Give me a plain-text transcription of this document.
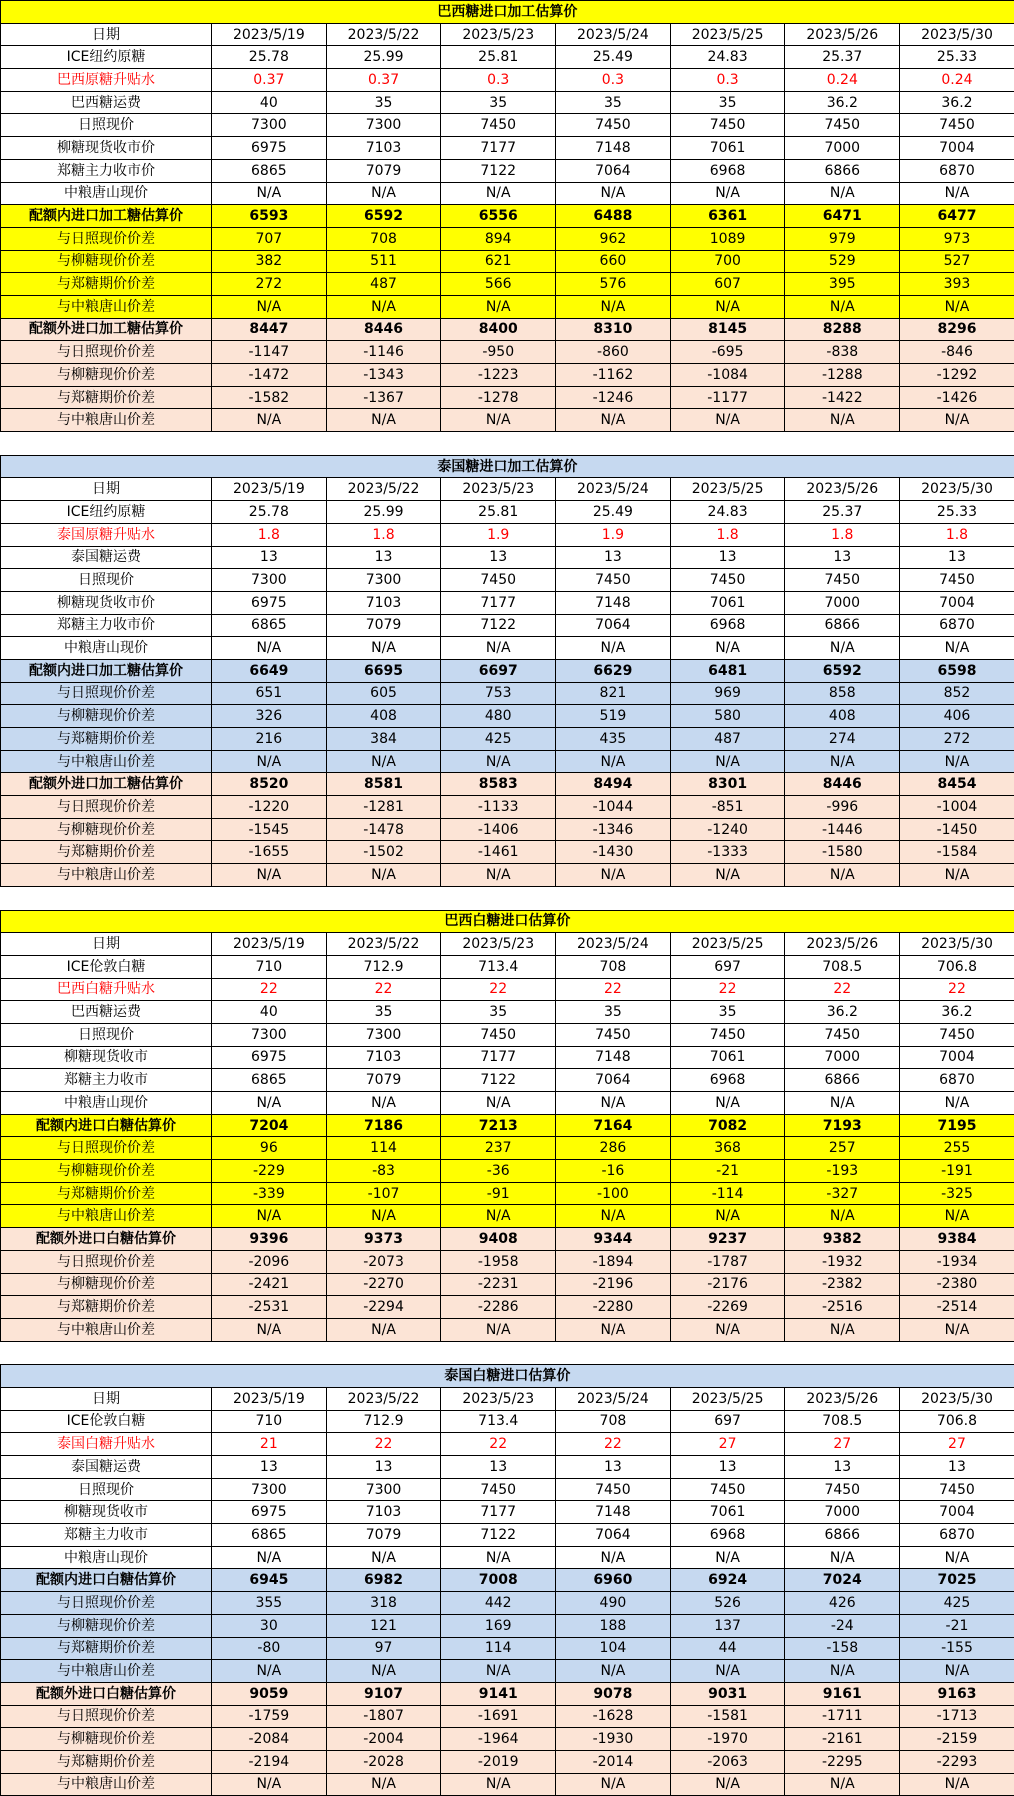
巴西糖进口加工估算价							
日期	2023/5/19	2023/5/22	2023/5/23	2023/5/24	2023/5/25	2023/5/26	2023/5/30
ICE纽约原糖	25.78	25.99	25.81	25.49	24.83	25.37	25.33
巴西原糖升贴水	0.37	0.37	0.3	0.3	0.3	0.24	0.24
巴西糖运费	40	35	35	35	35	36.2	36.2
日照现价	7300	7300	7450	7450	7450	7450	7450
柳糖现货收市价	6975	7103	7177	7148	7061	7000	7004
郑糖主力收市价	6865	7079	7122	7064	6968	6866	6870
中粮唐山现价	N/A	N/A	N/A	N/A	N/A	N/A	N/A
配额内进口加工糖估算价	6593	6592	6556	6488	6361	6471	6477
与日照现价价差	707	708	894	962	1089	979	973
与柳糖现价价差	382	511	621	660	700	529	527
与郑糖期价价差	272	487	566	576	607	395	393
与中粮唐山价差	N/A	N/A	N/A	N/A	N/A	N/A	N/A
配额外进口加工糖估算价	8447	8446	8400	8310	8145	8288	8296
与日照现价价差	-1147	-1146	-950	-860	-695	-838	-846
与柳糖现价价差	-1472	-1343	-1223	-1162	-1084	-1288	-1292
与郑糖期价价差	-1582	-1367	-1278	-1246	-1177	-1422	-1426
与中粮唐山价差	N/A	N/A	N/A	N/A	N/A	N/A	N/A
泰国糖进口加工估算价							
日期	2023/5/19	2023/5/22	2023/5/23	2023/5/24	2023/5/25	2023/5/26	2023/5/30
ICE纽约原糖	25.78	25.99	25.81	25.49	24.83	25.37	25.33
泰国原糖升贴水	1.8	1.8	1.9	1.9	1.8	1.8	1.8
泰国糖运费	13	13	13	13	13	13	13
日照现价	7300	7300	7450	7450	7450	7450	7450
柳糖现货收市价	6975	7103	7177	7148	7061	7000	7004
郑糖主力收市价	6865	7079	7122	7064	6968	6866	6870
中粮唐山现价	N/A	N/A	N/A	N/A	N/A	N/A	N/A
配额内进口加工糖估算价	6649	6695	6697	6629	6481	6592	6598
与日照现价价差	651	605	753	821	969	858	852
与柳糖现价价差	326	408	480	519	580	408	406
与郑糖期价价差	216	384	425	435	487	274	272
与中粮唐山价差	N/A	N/A	N/A	N/A	N/A	N/A	N/A
配额外进口加工糖估算价	8520	8581	8583	8494	8301	8446	8454
与日照现价价差	-1220	-1281	-1133	-1044	-851	-996	-1004
与柳糖现价价差	-1545	-1478	-1406	-1346	-1240	-1446	-1450
与郑糖期价价差	-1655	-1502	-1461	-1430	-1333	-1580	-1584
与中粮唐山价差	N/A	N/A	N/A	N/A	N/A	N/A	N/A
巴西白糖进口估算价							
日期	2023/5/19	2023/5/22	2023/5/23	2023/5/24	2023/5/25	2023/5/26	2023/5/30
ICE伦敦白糖	710	712.9	713.4	708	697	708.5	706.8
巴西白糖升贴水	22	22	22	22	22	22	22
巴西糖运费	40	35	35	35	35	36.2	36.2
日照现价	7300	7300	7450	7450	7450	7450	7450
柳糖现货收市	6975	7103	7177	7148	7061	7000	7004
郑糖主力收市	6865	7079	7122	7064	6968	6866	6870
中粮唐山现价	N/A	N/A	N/A	N/A	N/A	N/A	N/A
配额内进口白糖估算价	7204	7186	7213	7164	7082	7193	7195
与日照现价价差	96	114	237	286	368	257	255
与柳糖现价价差	-229	-83	-36	-16	-21	-193	-191
与郑糖期价价差	-339	-107	-91	-100	-114	-327	-325
与中粮唐山价差	N/A	N/A	N/A	N/A	N/A	N/A	N/A
配额外进口白糖估算价	9396	9373	9408	9344	9237	9382	9384
与日照现价价差	-2096	-2073	-1958	-1894	-1787	-1932	-1934
与柳糖现价价差	-2421	-2270	-2231	-2196	-2176	-2382	-2380
与郑糖期价价差	-2531	-2294	-2286	-2280	-2269	-2516	-2514
与中粮唐山价差	N/A	N/A	N/A	N/A	N/A	N/A	N/A
泰国白糖进口估算价							
日期	2023/5/19	2023/5/22	2023/5/23	2023/5/24	2023/5/25	2023/5/26	2023/5/30
ICE伦敦白糖	710	712.9	713.4	708	697	708.5	706.8
泰国白糖升贴水	21	22	22	22	27	27	27
泰国糖运费	13	13	13	13	13	13	13
日照现价	7300	7300	7450	7450	7450	7450	7450
柳糖现货收市	6975	7103	7177	7148	7061	7000	7004
郑糖主力收市	6865	7079	7122	7064	6968	6866	6870
中粮唐山现价	N/A	N/A	N/A	N/A	N/A	N/A	N/A
配额内进口白糖估算价	6945	6982	7008	6960	6924	7024	7025
与日照现价价差	355	318	442	490	526	426	425
与柳糖现价价差	30	121	169	188	137	-24	-21
与郑糖期价价差	-80	97	114	104	44	-158	-155
与中粮唐山价差	N/A	N/A	N/A	N/A	N/A	N/A	N/A
配额外进口白糖估算价	9059	9107	9141	9078	9031	9161	9163
与日照现价价差	-1759	-1807	-1691	-1628	-1581	-1711	-1713
与柳糖现价价差	-2084	-2004	-1964	-1930	-1970	-2161	-2159
与郑糖期价价差	-2194	-2028	-2019	-2014	-2063	-2295	-2293
与中粮唐山价差	N/A	N/A	N/A	N/A	N/A	N/A	N/A
